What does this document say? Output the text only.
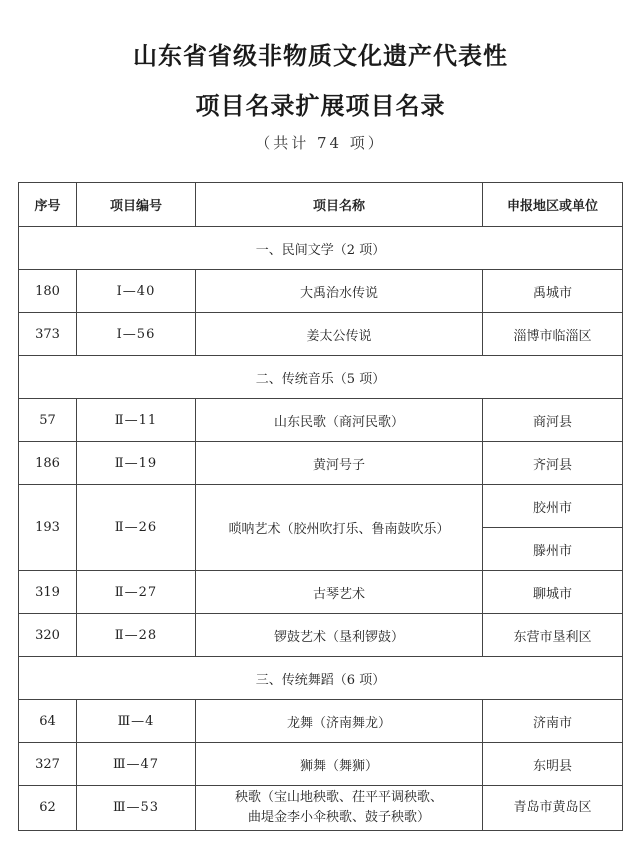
山东省省级非物质文化遗产代表性
项目名录扩展项目名录
（共计 74 项）
序号	项目编号	项目名称	申报地区或单位
一、民间文学（2 项）			
180	Ⅰ—40	大禹治水传说	禹城市
373	Ⅰ—56	姜太公传说	淄博市临淄区
二、传统音乐（5 项）			
57	Ⅱ—11	山东民歌（商河民歌）	商河县
186	Ⅱ—19	黄河号子	齐河县
193	Ⅱ—26	唢呐艺术（胶州吹打乐、鲁南鼓吹乐）	胶州市
			滕州市
319	Ⅱ—27	古琴艺术	聊城市
320	Ⅱ—28	锣鼓艺术（垦利锣鼓）	东营市垦利区
三、传统舞蹈（6 项）			
64	Ⅲ—4	龙舞（济南舞龙）	济南市
327	Ⅲ—47	狮舞（舞狮）	东明县
62	Ⅲ—53	秧歌（宝山地秧歌、茌平平调秧歌、
曲堤金李小伞秧歌、鼓子秧歌）	青岛市黄岛区
